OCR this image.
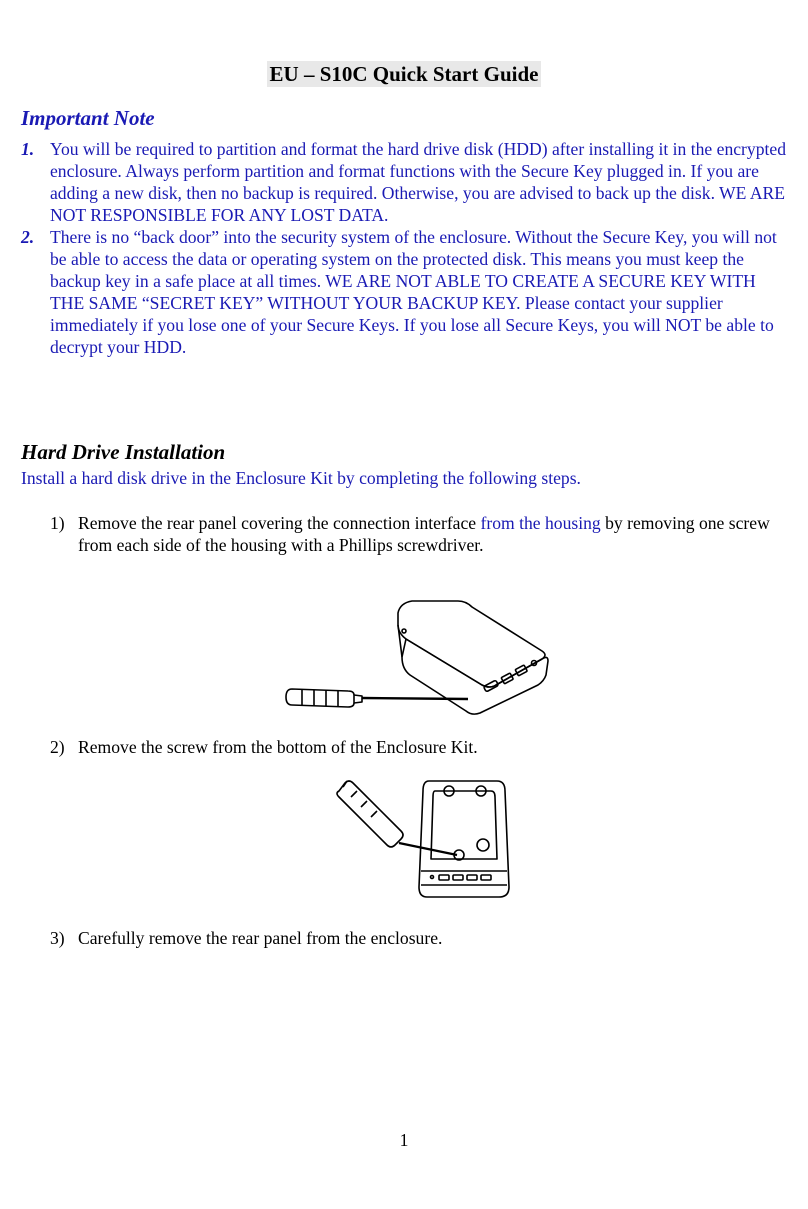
EU – S10C Quick Start Guide
Important Note
1. You will be required to partition and format the hard drive disk (HDD) after installing it in the encrypted enclosure. Always perform partition and format functions with the Secure Key plugged in. If you are adding a new disk, then no backup is required. Otherwise, you are advised to back up the disk. WE ARE NOT RESPONSIBLE FOR ANY LOST DATA.
2. There is no “back door” into the security system of the enclosure. Without the Secure Key, you will not be able to access the data or operating system on the protected disk. This means you must keep the backup key in a safe place at all times. WE ARE NOT ABLE TO CREATE A SECURE KEY WITH THE SAME “SECRET KEY” WITHOUT YOUR BACKUP KEY. Please contact your supplier immediately if you lose one of your Secure Keys. If you lose all Secure Keys, you will NOT be able to decrypt your HDD.
Hard Drive Installation
Install a hard disk drive in the Enclosure Kit by completing the following steps.
1) Remove the rear panel covering the connection interface from the housing by removing one screw from each side of the housing with a Phillips screwdriver.
2) Remove the screw from the bottom of the Enclosure Kit.
3) Carefully remove the rear panel from the enclosure.
1
